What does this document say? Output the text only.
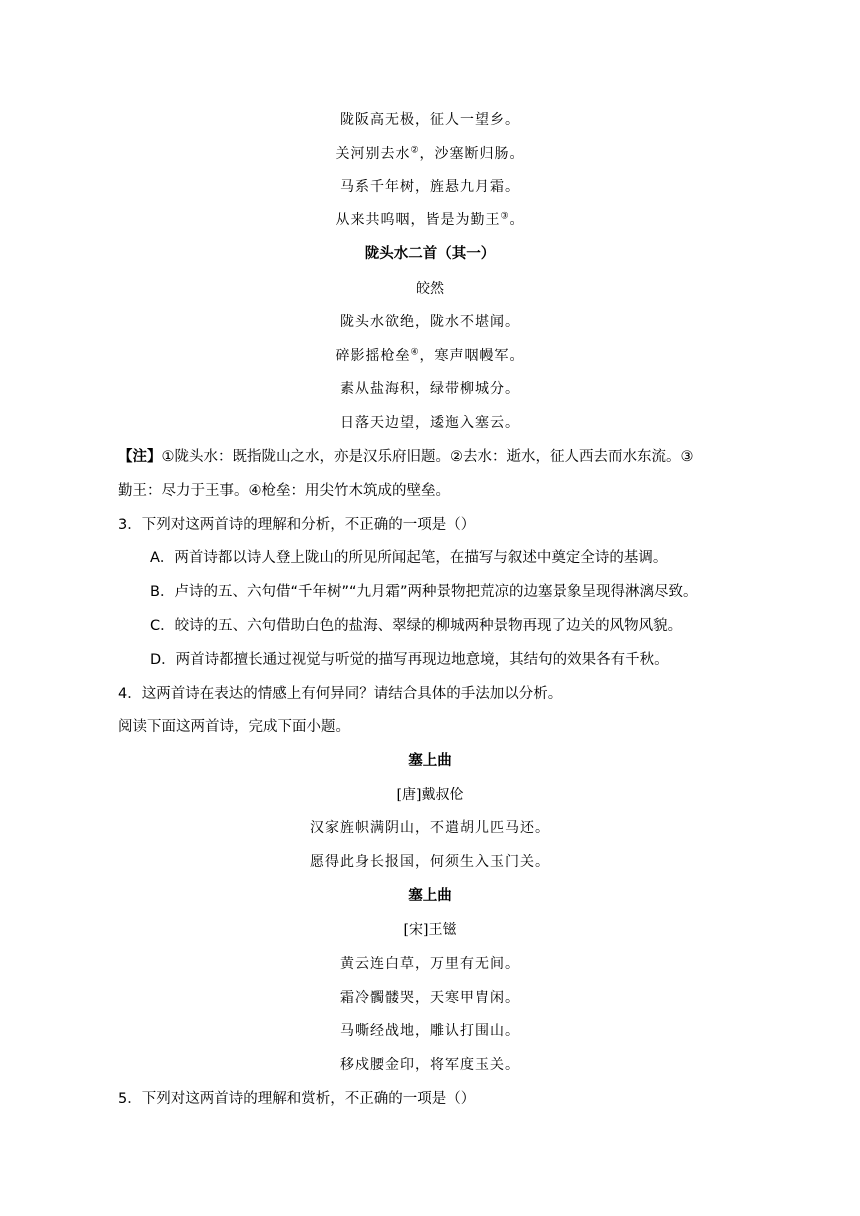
陇阪高无极，征人一望乡。
关河别去水②，沙塞断归肠。
马系千年树，旌悬九月霜。
从来共呜咽，皆是为勤王③。
陇头水二首（其一）
皎然
陇头水欲绝，陇水不堪闻。
碎影摇枪垒④，寒声咽幔军。
素从盐海积，绿带柳城分。
日落天边望，逶迤入塞云。
【注】①陇头水：既指陇山之水，亦是汉乐府旧题。②去水：逝水，征人西去而水东流。③
勤王：尽力于王事。④枪垒：用尖竹木筑成的壁垒。
3．下列对这两首诗的理解和分析，不正确的一项是（）
A．两首诗都以诗人登上陇山的所见所闻起笔，在描写与叙述中奠定全诗的基调。
B．卢诗的五、六句借“千年树”“九月霜”两种景物把荒凉的边塞景象呈现得淋漓尽致。
C．皎诗的五、六句借助白色的盐海、翠绿的柳城两种景物再现了边关的风物风貌。
D．两首诗都擅长通过视觉与听觉的描写再现边地意境，其结句的效果各有千秋。
4．这两首诗在表达的情感上有何异同？请结合具体的手法加以分析。
阅读下面这两首诗，完成下面小题。
塞上曲
[唐]戴叔伦
汉家旌帜满阴山，不遣胡儿匹马还。
愿得此身长报国，何须生入玉门关。
塞上曲
[宋]王镃
黄云连白草，万里有无间。
霜冷髑髅哭，天寒甲胄闲。
马嘶经战地，雕认打围山。
移戍腰金印，将军度玉关。
5．下列对这两首诗的理解和赏析，不正确的一项是（）
